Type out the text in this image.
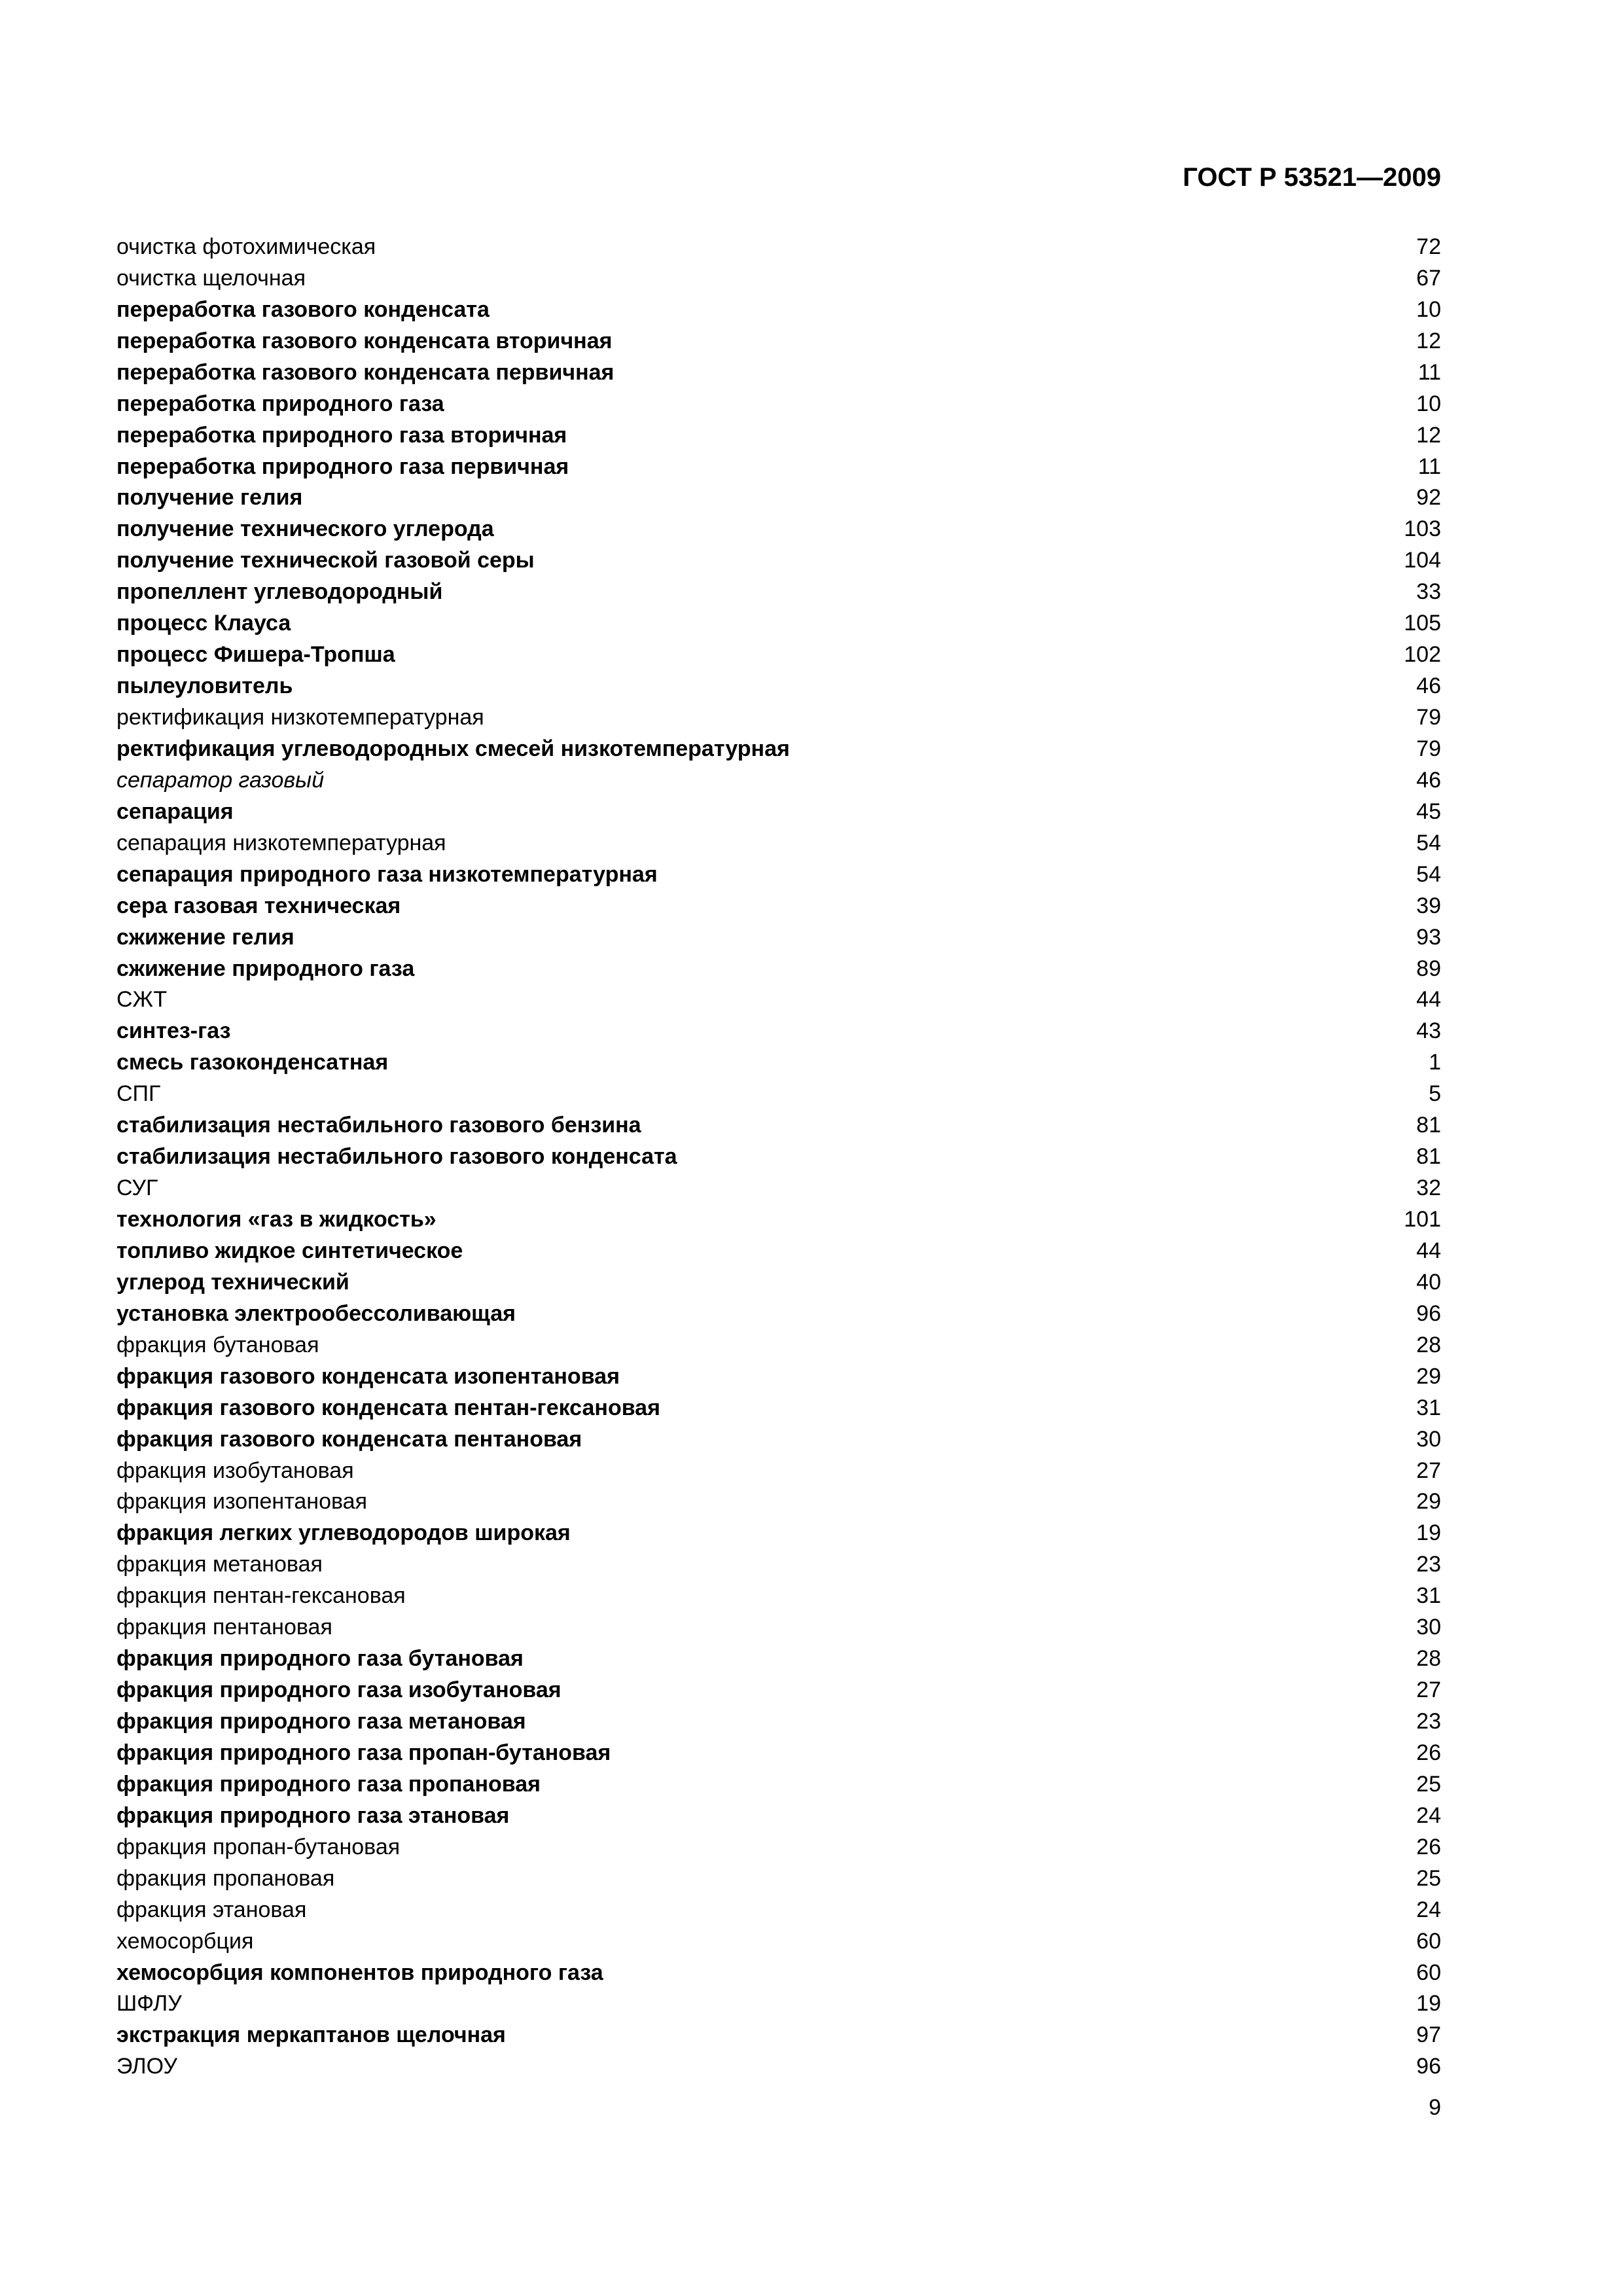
ГОСТ Р 53521—2009
очистка фотохимическая	72
очистка щелочная	67
переработка газового конденсата	10
переработка газового конденсата вторичная	12
переработка газового конденсата первичная	11
переработка природного газа	10
переработка природного газа вторичная	12
переработка природного газа первичная	11
получение гелия	92
получение технического углерода	103
получение технической газовой серы	104
пропеллент углеводородный	33
процесс Клауса	105
процесс Фишера-Тропша	102
пылеуловитель	46
ректификация низкотемпературная	79
ректификация углеводородных смесей низкотемпературная	79
сепаратор газовый	46
сепарация	45
сепарация низкотемпературная	54
сепарация природного газа низкотемпературная	54
сера газовая техническая	39
сжижение гелия	93
сжижение природного газа	89
СЖТ	44
синтез-газ	43
смесь газоконденсатная	1
СПГ	5
стабилизация нестабильного газового бензина	81
стабилизация нестабильного газового конденсата	81
СУГ	32
технология «газ в жидкость»	101
топливо жидкое синтетическое	44
углерод технический	40
установка электрообессоливающая	96
фракция бутановая	28
фракция газового конденсата изопентановая	29
фракция газового конденсата пентан-гексановая	31
фракция газового конденсата пентановая	30
фракция изобутановая	27
фракция изопентановая	29
фракция легких углеводородов широкая	19
фракция метановая	23
фракция пентан-гексановая	31
фракция пентановая	30
фракция природного газа бутановая	28
фракция природного газа изобутановая	27
фракция природного газа метановая	23
фракция природного газа пропан-бутановая	26
фракция природного газа пропановая	25
фракция природного газа этановая	24
фракция пропан-бутановая	26
фракция пропановая	25
фракция этановая	24
хемосорбция	60
хемосорбция компонентов природного газа	60
ШФЛУ	19
экстракция меркаптанов щелочная	97
ЭЛОУ	96
9
